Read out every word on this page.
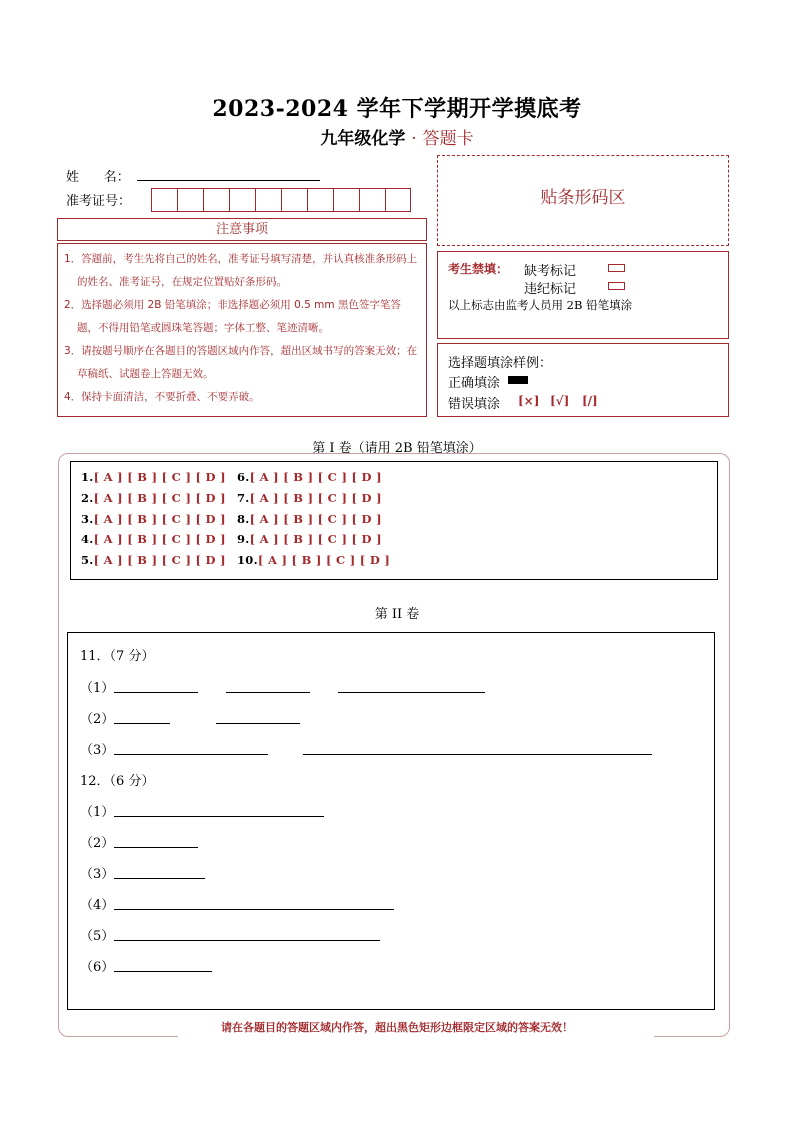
2023-2024 学年下学期开学摸底考
九年级化学 · 答题卡
姓      名：
准考证号：
注意事项

1．答题前，考生先将自己的姓名，准考证号填写清楚，并认真核准条形码上的姓名、准考证号，在规定位置贴好条形码。

2．选择题必须用 2B 铅笔填涂；非选择题必须用 0.5 mm 黑色签字笔答题，不得用铅笔或圆珠笔答题；字体工整、笔迹清晰。

3．请按题号顺序在各题目的答题区域内作答，超出区域书写的答案无效；在草稿纸、试题卷上答题无效。

4．保持卡面清洁，不要折叠、不要弄破。

贴条形码区
考生禁填： 缺考标记
违纪标记
以上标志由监考人员用 2B 铅笔填涂
选择题填涂样例：
正确填涂
错误填涂 [×] [√] [/]
第 I 卷（请用 2B 铅笔填涂）
1.[ A ] [ B ] [ C ] [ D ]
2.[ A ] [ B ] [ C ] [ D ]
3.[ A ] [ B ] [ C ] [ D ]
4.[ A ] [ B ] [ C ] [ D ]
5.[ A ] [ B ] [ C ] [ D ]
6.[ A ] [ B ] [ C ] [ D ]
7.[ A ] [ B ] [ C ] [ D ]
8.[ A ] [ B ] [ C ] [ D ]
9.[ A ] [ B ] [ C ] [ D ]
10.[ A ] [ B ] [ C ] [ D ]
第 II 卷
11．（7 分）
（1）
（2）
（3）
12．（6 分）
（1）
（2）
（3）
（4）
（5）
（6）
请在各题目的答题区域内作答，超出黑色矩形边框限定区域的答案无效！
